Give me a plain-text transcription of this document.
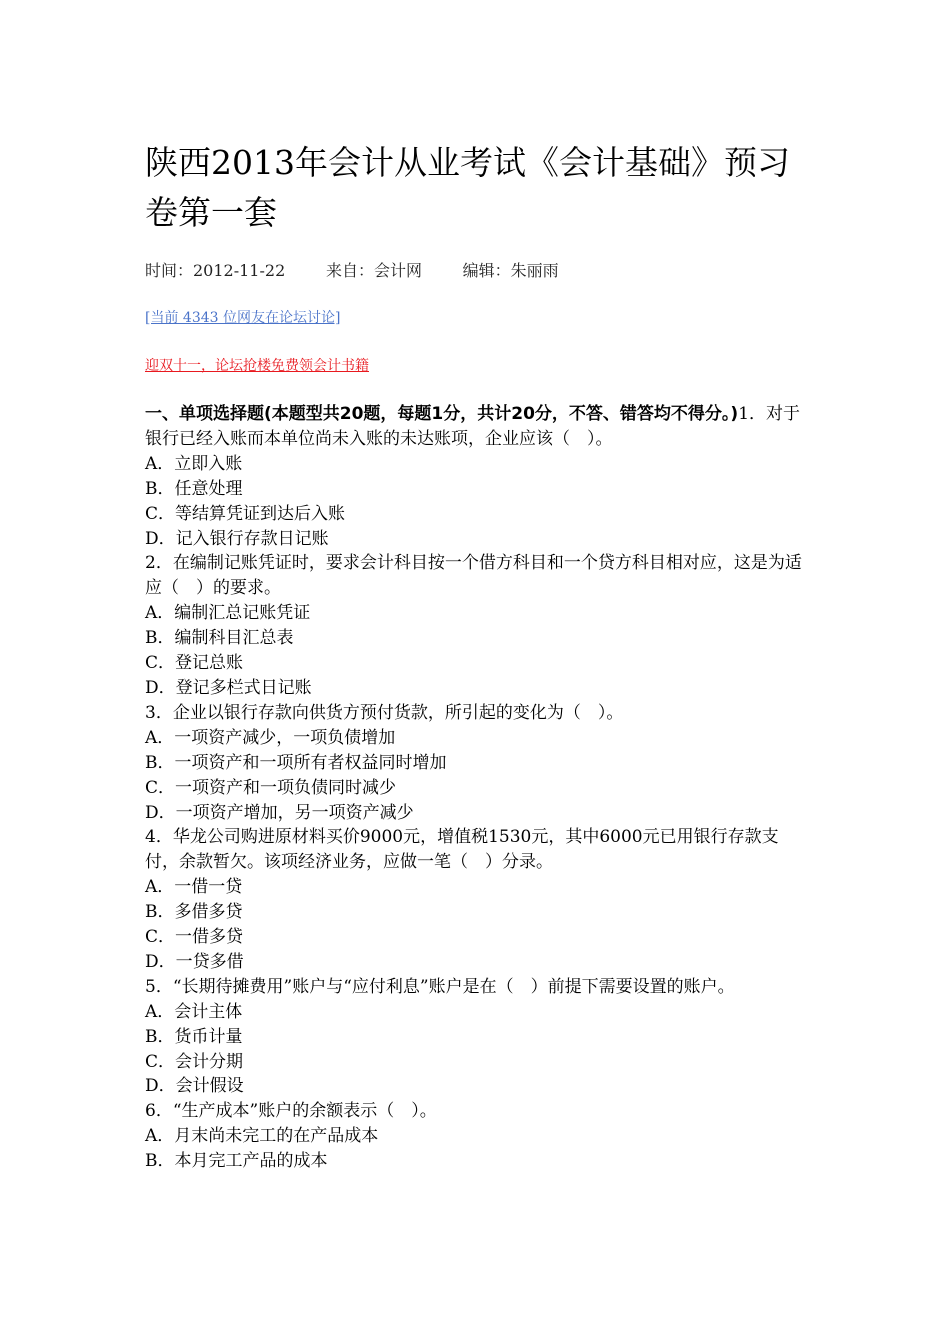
陕西2013年会计从业考试《会计基础》预习卷第一套
时间：2012-11-22	来自：会计网	编辑：朱丽雨
[当前 4343 位网友在论坛讨论]
迎双十一，论坛抢楼免费领会计书籍
一、单项选择题(本题型共20题，每题1分，共计20分，不答、错答均不得分。)1．对于银行已经入账而本单位尚未入账的未达账项，企业应该（　）。
A．立即入账
B．任意处理
C．等结算凭证到达后入账
D．记入银行存款日记账
2．在编制记账凭证时，要求会计科目按一个借方科目和一个贷方科目相对应，这是为适应（　）的要求。
A．编制汇总记账凭证
B．编制科目汇总表
C．登记总账
D．登记多栏式日记账
3．企业以银行存款向供货方预付货款，所引起的变化为（　）。
A．一项资产减少，一项负债增加
B．一项资产和一项所有者权益同时增加
C．一项资产和一项负债同时减少
D．一项资产增加，另一项资产减少
4．华龙公司购进原材料买价9000元，增值税1530元，其中6000元已用银行存款支付，余款暂欠。该项经济业务，应做一笔（　）分录。
A．一借一贷
B．多借多贷
C．一借多贷
D．一贷多借
5．“长期待摊费用”账户与“应付利息”账户是在（　）前提下需要设置的账户。
A．会计主体
B．货币计量
C．会计分期
D．会计假设
6．“生产成本”账户的余额表示（　）。
A．月末尚未完工的在产品成本
B．本月完工产品的成本
